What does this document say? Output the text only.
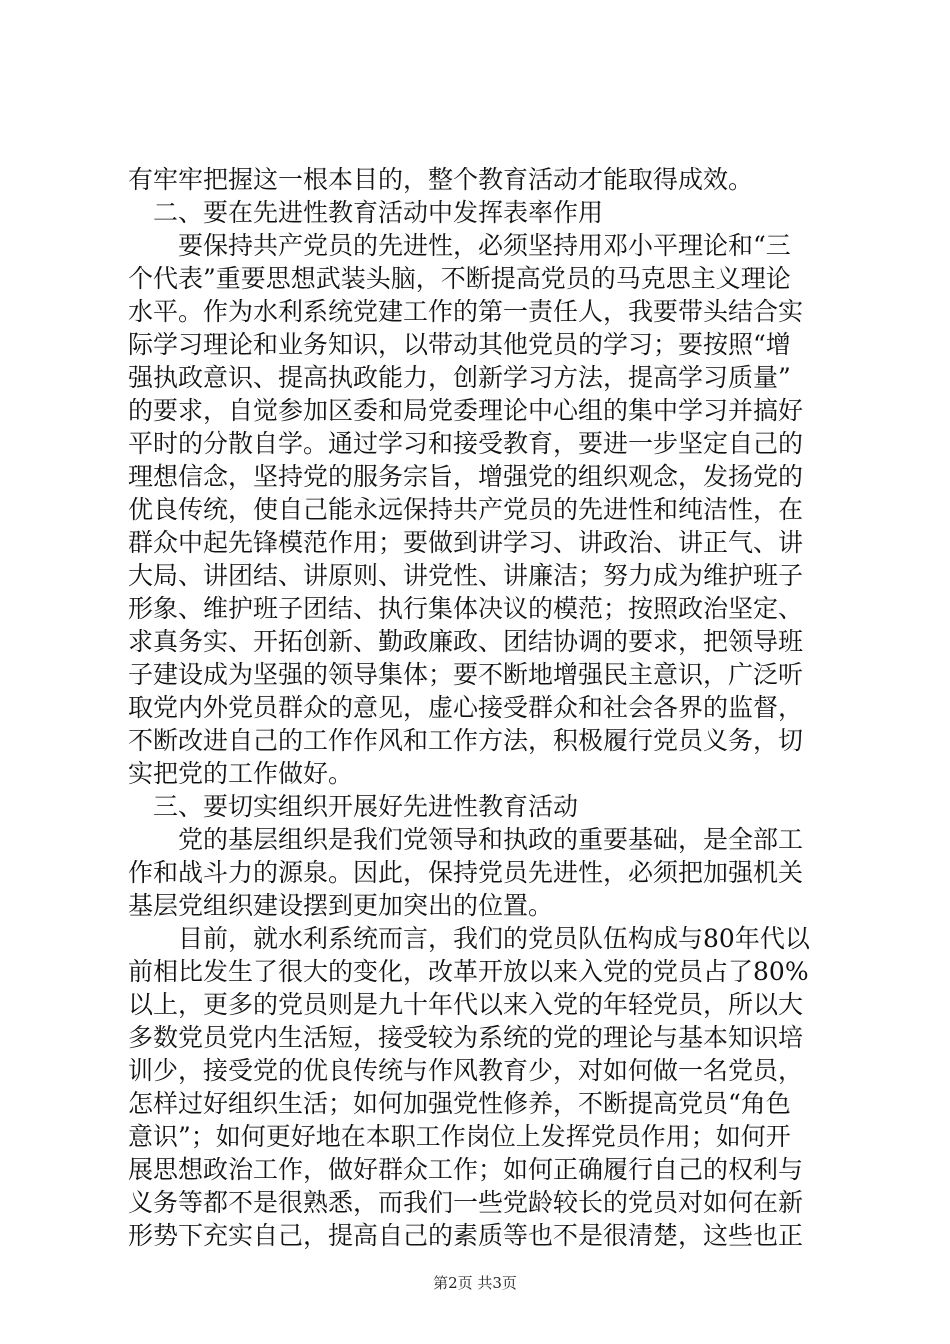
有牢牢把握这一根本目的，整个教育活动才能取得成效。
二、要在先进性教育活动中发挥表率作用
要保持共产党员的先进性，必须坚持用邓小平理论和“三
个代表”重要思想武装头脑，不断提高党员的马克思主义理论
水平。作为水利系统党建工作的第一责任人，我要带头结合实
际学习理论和业务知识，以带动其他党员的学习；要按照“增
强执政意识、提高执政能力，创新学习方法，提高学习质量”
的要求，自觉参加区委和局党委理论中心组的集中学习并搞好
平时的分散自学。通过学习和接受教育，要进一步坚定自己的
理想信念，坚持党的服务宗旨，增强党的组织观念，发扬党的
优良传统，使自己能永远保持共产党员的先进性和纯洁性，在
群众中起先锋模范作用；要做到讲学习、讲政治、讲正气、讲
大局、讲团结、讲原则、讲党性、讲廉洁；努力成为维护班子
形象、维护班子团结、执行集体决议的模范；按照政治坚定、
求真务实、开拓创新、勤政廉政、团结协调的要求，把领导班
子建设成为坚强的领导集体；要不断地增强民主意识，广泛听
取党内外党员群众的意见，虚心接受群众和社会各界的监督，
不断改进自己的工作作风和工作方法，积极履行党员义务，切
实把党的工作做好。
三、要切实组织开展好先进性教育活动
党的基层组织是我们党领导和执政的重要基础，是全部工
作和战斗力的源泉。因此，保持党员先进性，必须把加强机关
基层党组织建设摆到更加突出的位置。
目前，就水利系统而言，我们的党员队伍构成与80年代以
前相比发生了很大的变化，改革开放以来入党的党员占了80%
以上，更多的党员则是九十年代以来入党的年轻党员，所以大
多数党员党内生活短，接受较为系统的党的理论与基本知识培
训少，接受党的优良传统与作风教育少，对如何做一名党员，
怎样过好组织生活；如何加强党性修养，不断提高党员“角色
意识”；如何更好地在本职工作岗位上发挥党员作用；如何开
展思想政治工作，做好群众工作；如何正确履行自己的权利与
义务等都不是很熟悉，而我们一些党龄较长的党员对如何在新
形势下充实自己，提高自己的素质等也不是很清楚，这些也正
第2页 共3页
